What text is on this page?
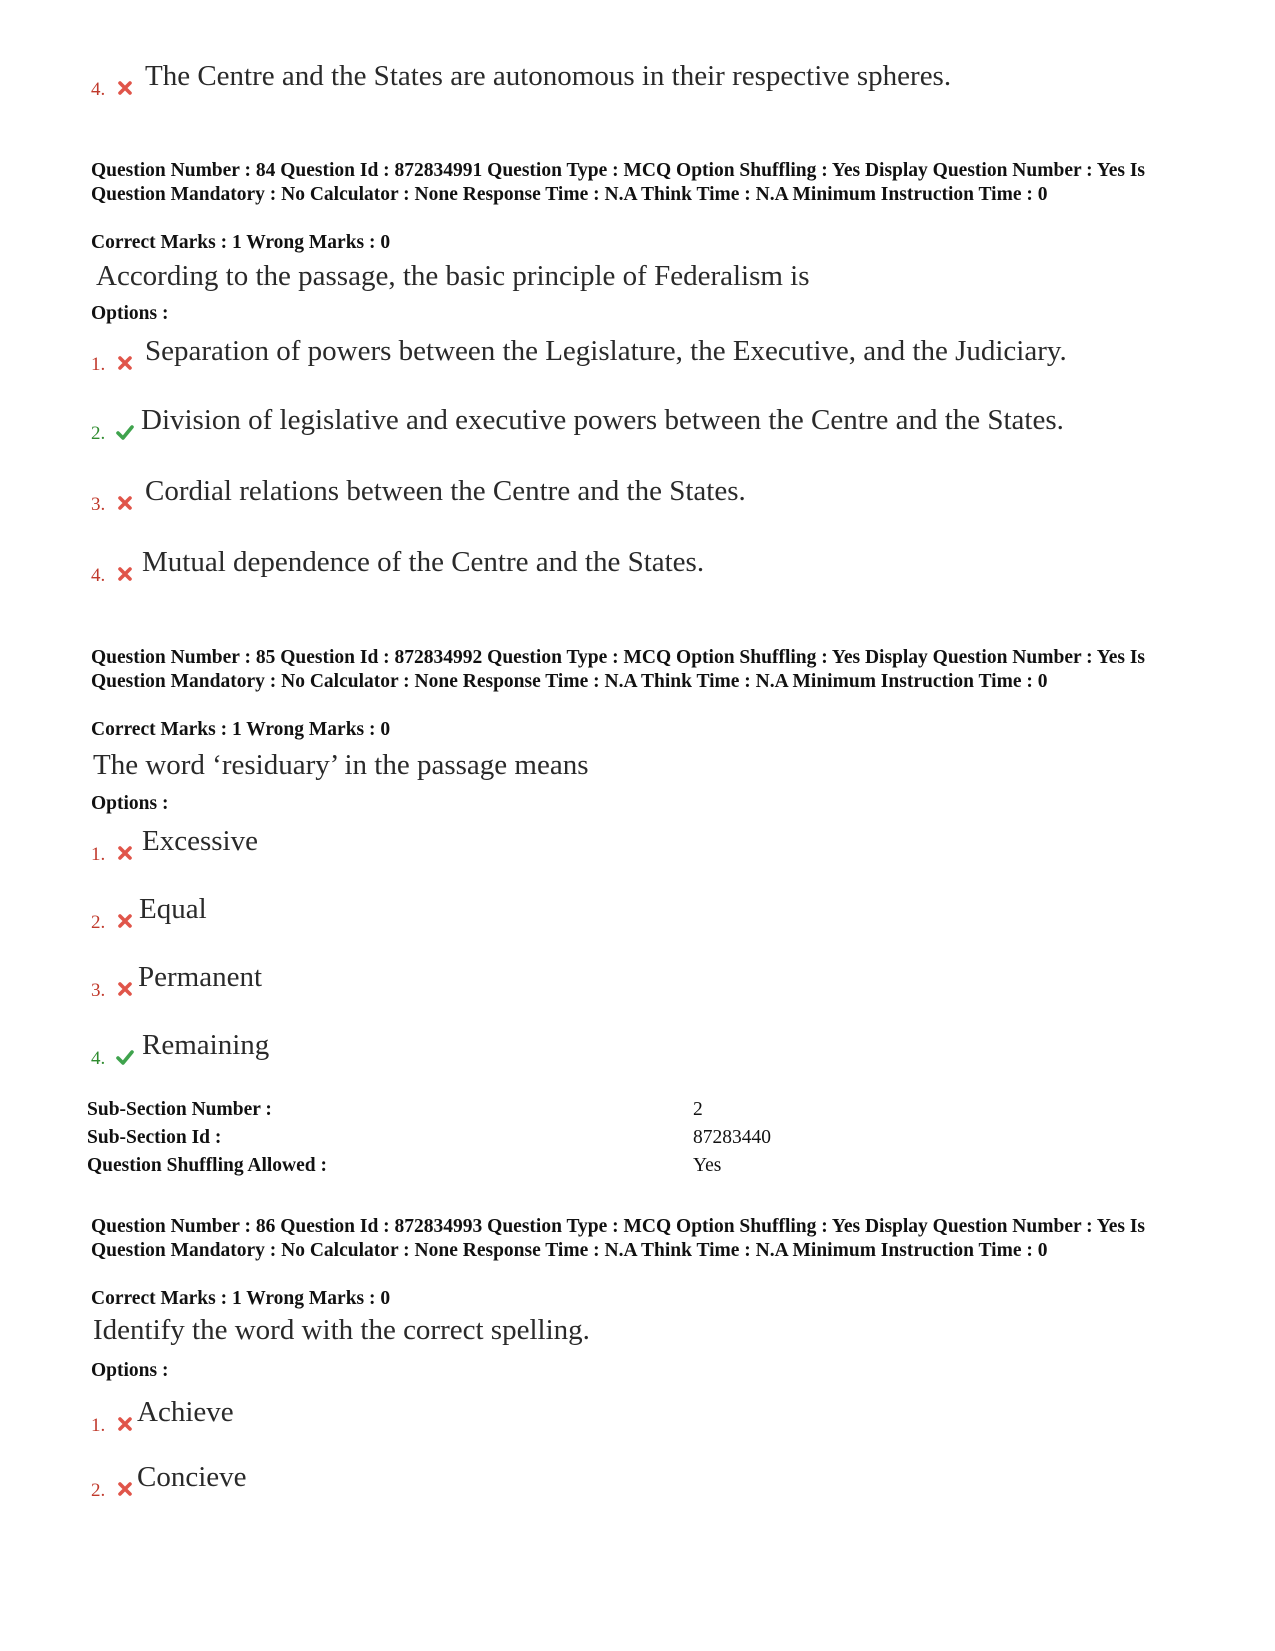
4. The Centre and the States are autonomous in their respective spheres.
Question Number : 84 Question Id : 872834991 Question Type : MCQ Option Shuffling : Yes Display Question Number : Yes Is Question Mandatory : No Calculator : None Response Time : N.A Think Time : N.A Minimum Instruction Time : 0
Correct Marks : 1 Wrong Marks : 0
According to the passage, the basic principle of Federalism is
Options :
1. Separation of powers between the Legislature, the Executive, and the Judiciary.
2. Division of legislative and executive powers between the Centre and the States.
3. Cordial relations between the Centre and the States.
4. Mutual dependence of the Centre and the States.
Question Number : 85 Question Id : 872834992 Question Type : MCQ Option Shuffling : Yes Display Question Number : Yes Is Question Mandatory : No Calculator : None Response Time : N.A Think Time : N.A Minimum Instruction Time : 0
Correct Marks : 1 Wrong Marks : 0
The word ‘residuary’ in the passage means
Options :
1. Excessive
2. Equal
3. Permanent
4. Remaining
Sub-Section Number :	2
Sub-Section Id :	87283440
Question Shuffling Allowed :	Yes
Question Number : 86 Question Id : 872834993 Question Type : MCQ Option Shuffling : Yes Display Question Number : Yes Is Question Mandatory : No Calculator : None Response Time : N.A Think Time : N.A Minimum Instruction Time : 0
Correct Marks : 1 Wrong Marks : 0
Identify the word with the correct spelling.
Options :
1. Achieve
2. Concieve
